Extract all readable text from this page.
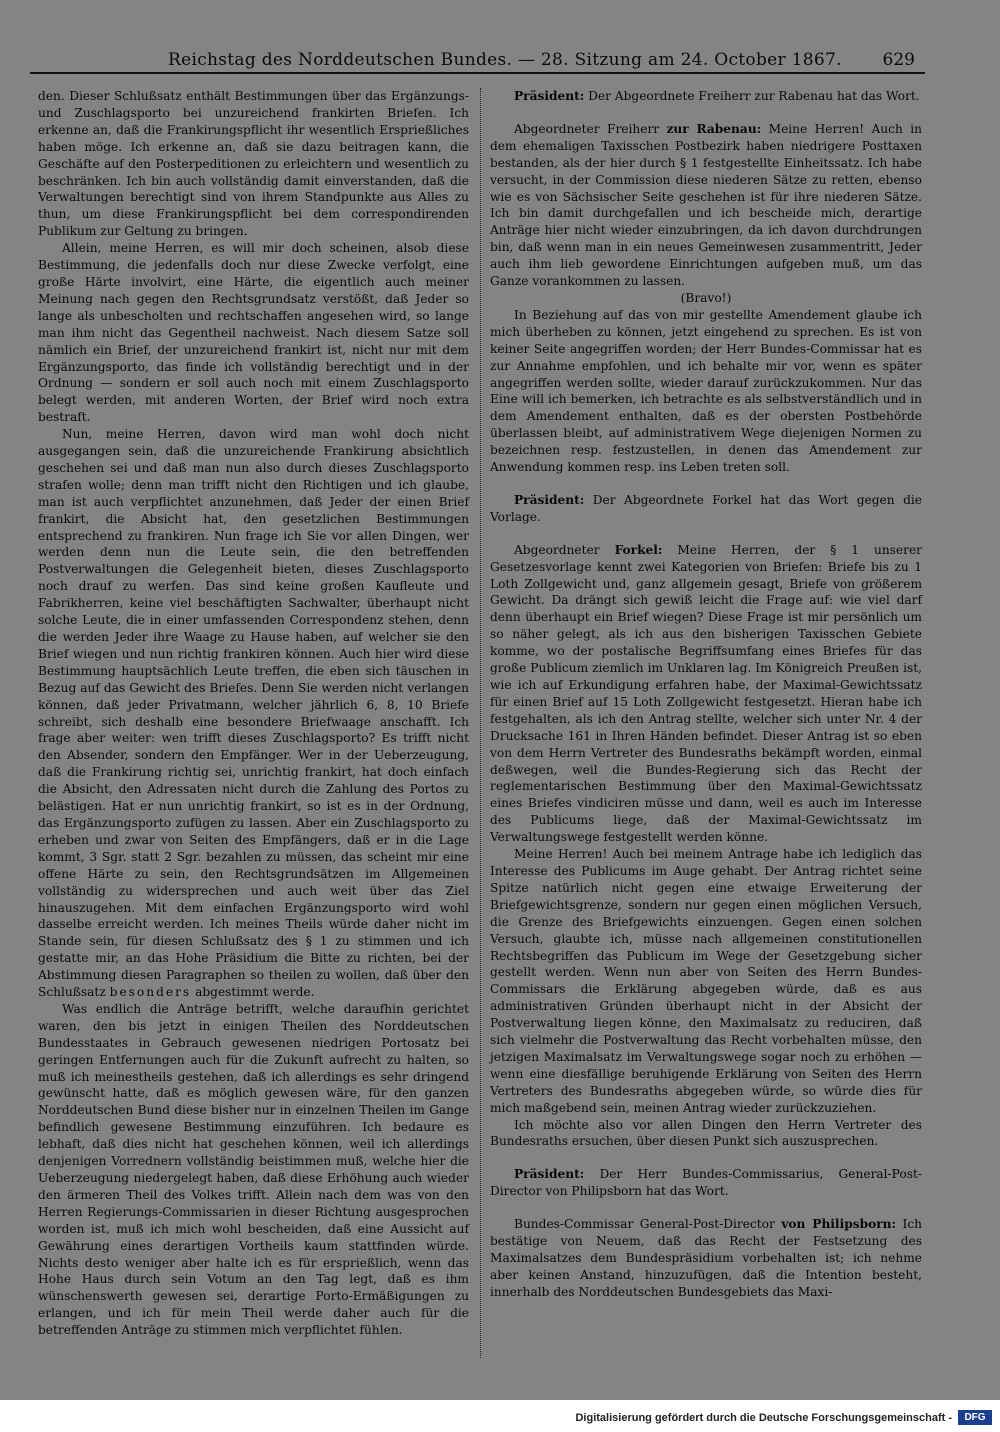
Reichstag des Norddeutschen Bundes. — 28. Sitzung am 24. October 1867. 629

den. Dieser Schlußsatz enthält Bestimmungen über das Ergänzungs- und Zuschlagsporto bei unzureichend frankirten Briefen. Ich erkenne an, daß die Frankirungspflicht ihr wesentlich Ersprießliches haben möge. Ich erkenne an, daß sie dazu beitragen kann, die Geschäfte auf den Posterpeditionen zu erleichtern und wesentlich zu beschränken. Ich bin auch vollständig damit einverstanden, daß die Verwaltungen berechtigt sind von ihrem Standpunkte aus Alles zu thun, um diese Frankirungspflicht bei dem correspondirenden Publikum zur Geltung zu bringen.

Allein, meine Herren, es will mir doch scheinen, alsob diese Bestimmung, die jedenfalls doch nur diese Zwecke verfolgt, eine große Härte involvirt, eine Härte, die eigentlich auch meiner Meinung nach gegen den Rechtsgrundsatz verstößt, daß Jeder so lange als unbescholten und rechtschaffen angesehen wird, so lange man ihm nicht das Gegentheil nachweist. Nach diesem Satze soll nämlich ein Brief, der unzureichend frankirt ist, nicht nur mit dem Ergänzungsporto, das finde ich vollständig berechtigt und in der Ordnung — sondern er soll auch noch mit einem Zuschlagsporto belegt werden, mit anderen Worten, der Brief wird noch extra bestraft.

Nun, meine Herren, davon wird man wohl doch nicht ausgegangen sein, daß die unzureichende Frankirung absichtlich geschehen sei und daß man nun also durch dieses Zuschlagsporto strafen wolle; denn man trifft nicht den Richtigen und ich glaube, man ist auch verpflichtet anzunehmen, daß Jeder der einen Brief frankirt, die Absicht hat, den gesetzlichen Bestimmungen entsprechend zu frankiren. Nun frage ich Sie vor allen Dingen, wer werden denn nun die Leute sein, die den betreffenden Postverwaltungen die Gelegenheit bieten, dieses Zuschlagsporto noch drauf zu werfen. Das sind keine großen Kaufleute und Fabrikherren, keine viel beschäftigten Sachwalter, überhaupt nicht solche Leute, die in einer umfassenden Correspondenz stehen, denn die werden Jeder ihre Waage zu Hause haben, auf welcher sie den Brief wiegen und nun richtig frankiren können. Auch hier wird diese Bestimmung hauptsächlich Leute treffen, die eben sich täuschen in Bezug auf das Gewicht des Briefes. Denn Sie werden nicht verlangen können, daß jeder Privatmann, welcher jährlich 6, 8, 10 Briefe schreibt, sich deshalb eine besondere Briefwaage anschafft. Ich frage aber weiter: wen trifft dieses Zuschlagsporto? Es trifft nicht den Absender, sondern den Empfänger. Wer in der Ueberzeugung, daß die Frankirung richtig sei, unrichtig frankirt, hat doch einfach die Absicht, den Adressaten nicht durch die Zahlung des Portos zu belästigen. Hat er nun unrichtig frankirt, so ist es in der Ordnung, das Ergänzungsporto zufügen zu lassen. Aber ein Zuschlagsporto zu erheben und zwar von Seiten des Empfängers, daß er in die Lage kommt, 3 Sgr. statt 2 Sgr. bezahlen zu müssen, das scheint mir eine offene Härte zu sein, den Rechtsgrundsätzen im Allgemeinen vollständig zu widersprechen und auch weit über das Ziel hinauszugehen. Mit dem einfachen Ergänzungsporto wird wohl dasselbe erreicht werden. Ich meines Theils würde daher nicht im Stande sein, für diesen Schlußsatz des § 1 zu stimmen und ich gestatte mir, an das Hohe Präsidium die Bitte zu richten, bei der Abstimmung diesen Paragraphen so theilen zu wollen, daß über den Schlußsatz besonders abgestimmt werde.

Was endlich die Anträge betrifft, welche daraufhin gerichtet waren, den bis jetzt in einigen Theilen des Norddeutschen Bundesstaates in Gebrauch gewesenen niedrigen Portosatz bei geringen Entfernungen auch für die Zukunft aufrecht zu halten, so muß ich meinestheils gestehen, daß ich allerdings es sehr dringend gewünscht hatte, daß es möglich gewesen wäre, für den ganzen Norddeutschen Bund diese bisher nur in einzelnen Theilen im Gange befindlich gewesene Bestimmung einzuführen. Ich bedaure es lebhaft, daß dies nicht hat geschehen können, weil ich allerdings denjenigen Vorrednern vollständig beistimmen muß, welche hier die Ueberzeugung niedergelegt haben, daß diese Erhöhung auch wieder den ärmeren Theil des Volkes trifft. Allein nach dem was von den Herren Regierungs-Commissarien in dieser Richtung ausgesprochen worden ist, muß ich mich wohl bescheiden, daß eine Aussicht auf Gewährung eines derartigen Vortheils kaum stattfinden würde. Nichts desto weniger aber halte ich es für ersprießlich, wenn das Hohe Haus durch sein Votum an den Tag legt, daß es ihm wünschenswerth gewesen sei, derartige Porto-Ermäßigungen zu erlangen, und ich für mein Theil werde daher auch für die betreffenden Anträge zu stimmen mich verpflichtet fühlen.

Präsident: Der Abgeordnete Freiherr zur Rabenau hat das Wort.

Abgeordneter Freiherr zur Rabenau: Meine Herren! Auch in dem ehemaligen Taxisschen Postbezirk haben niedrigere Posttaxen bestanden, als der hier durch § 1 festgestellte Einheitssatz. Ich habe versucht, in der Commission diese niederen Sätze zu retten, ebenso wie es von Sächsischer Seite geschehen ist für ihre niederen Sätze. Ich bin damit durchgefallen und ich bescheide mich, derartige Anträge hier nicht wieder einzubringen, da ich davon durchdrungen bin, daß wenn man in ein neues Gemeinwesen zusammentritt, Jeder auch ihm lieb gewordene Einrichtungen aufgeben muß, um das Ganze vorankommen zu lassen.

(Bravo!)

In Beziehung auf das von mir gestellte Amendement glaube ich mich überheben zu können, jetzt eingehend zu sprechen. Es ist von keiner Seite angegriffen worden; der Herr Bundes-Commissar hat es zur Annahme empfohlen, und ich behalte mir vor, wenn es später angegriffen werden sollte, wieder darauf zurückzukommen. Nur das Eine will ich bemerken, ich betrachte es als selbstverständlich und in dem Amendement enthalten, daß es der obersten Postbehörde überlassen bleibt, auf administrativem Wege diejenigen Normen zu bezeichnen resp. festzustellen, in denen das Amendement zur Anwendung kommen resp. ins Leben treten soll.

Präsident: Der Abgeordnete Forkel hat das Wort gegen die Vorlage.

Abgeordneter Forkel: Meine Herren, der § 1 unserer Gesetzesvorlage kennt zwei Kategorien von Briefen: Briefe bis zu 1 Loth Zollgewicht und, ganz allgemein gesagt, Briefe von größerem Gewicht. Da drängt sich gewiß leicht die Frage auf: wie viel darf denn überhaupt ein Brief wiegen? Diese Frage ist mir persönlich um so näher gelegt, als ich aus den bisherigen Taxisschen Gebiete komme, wo der postalische Begriffsumfang eines Briefes für das große Publicum ziemlich im Unklaren lag. Im Königreich Preußen ist, wie ich auf Erkundigung erfahren habe, der Maximal-Gewichtssatz für einen Brief auf 15 Loth Zollgewicht festgesetzt. Hieran habe ich festgehalten, als ich den Antrag stellte, welcher sich unter Nr. 4 der Drucksache 161 in Ihren Händen befindet. Dieser Antrag ist so eben von dem Herrn Vertreter des Bundesraths bekämpft worden, einmal deßwegen, weil die Bundes-Regierung sich das Recht der reglementarischen Bestimmung über den Maximal-Gewichtssatz eines Briefes vindiciren müsse und dann, weil es auch im Interesse des Publicums liege, daß der Maximal-Gewichtssatz im Verwaltungswege festgestellt werden könne.

Meine Herren! Auch bei meinem Antrage habe ich lediglich das Interesse des Publicums im Auge gehabt. Der Antrag richtet seine Spitze natürlich nicht gegen eine etwaige Erweiterung der Briefgewichtsgrenze, sondern nur gegen einen möglichen Versuch, die Grenze des Briefgewichts einzuengen. Gegen einen solchen Versuch, glaubte ich, müsse nach allgemeinen constitutionellen Rechtsbegriffen das Publicum im Wege der Gesetzgebung sicher gestellt werden. Wenn nun aber von Seiten des Herrn Bundes-Commissars die Erklärung abgegeben würde, daß es aus administrativen Gründen überhaupt nicht in der Absicht der Postverwaltung liegen könne, den Maximalsatz zu reduciren, daß sich vielmehr die Postverwaltung das Recht vorbehalten müsse, den jetzigen Maximalsatz im Verwaltungswege sogar noch zu erhöhen — wenn eine diesfällige beruhigende Erklärung von Seiten des Herrn Vertreters des Bundesraths abgegeben würde, so würde dies für mich maßgebend sein, meinen Antrag wieder zurückzuziehen.

Ich möchte also vor allen Dingen den Herrn Vertreter des Bundesraths ersuchen, über diesen Punkt sich auszusprechen.

Präsident: Der Herr Bundes-Commissarius, General-Post-Director von Philipsborn hat das Wort.

Bundes-Commissar General-Post-Director von Philipsborn: Ich bestätige von Neuem, daß das Recht der Festsetzung des Maximalsatzes dem Bundespräsidium vorbehalten ist; ich nehme aber keinen Anstand, hinzuzufügen, daß die Intention besteht, innerhalb des Norddeutschen Bundesgebiets das Maxi-

Digitalisierung gefördert durch die Deutsche Forschungsgemeinschaft -	DFG
